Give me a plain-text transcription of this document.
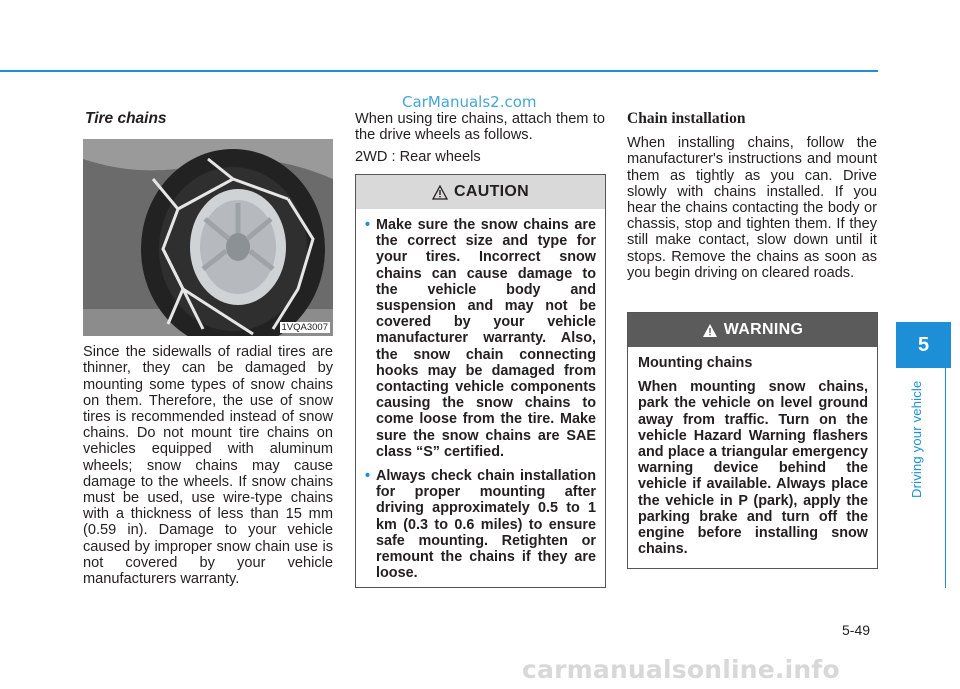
CarManuals2.com
Tire chains
1VQA3007

Since the sidewalls of radial tires are thinner, they can be damaged by mounting some types of snow chains on them. Therefore, the use of snow tires is recommended instead of snow chains. Do not mount tire chains on vehicles equipped with aluminum wheels; snow chains may cause damage to the wheels. If snow chains must be used, use wire-type chains with a thickness of less than 15 mm (0.59 in). Damage to your vehicle caused by improper snow chain use is not covered by your vehicle manufacturers warranty.

When using tire chains, attach them to the drive wheels as follows.

2WD : Rear wheels

CAUTION
• Make sure the snow chains are the correct size and type for your tires. Incorrect snow chains can cause damage to the vehicle body and suspension and may not be covered by your vehicle manufacturer warranty. Also, the snow chain connecting hooks may be damaged from contacting vehicle components causing the snow chains to come loose from the tire. Make sure the snow chains are SAE class “S” certified.
• Always check chain installation for proper mounting after driving approximately 0.5 to 1 km (0.3 to 0.6 miles) to ensure safe mounting. Retighten or remount the chains if they are loose.
Chain installation

When installing chains, follow the manufacturer's instructions and mount them as tightly as you can. Drive slowly with chains installed. If you hear the chains contacting the body or chassis, stop and tighten them. If they still make contact, slow down until it stops. Remove the chains as soon as you begin driving on cleared roads.

WARNING

Mounting chains

When mounting snow chains, park the vehicle on level ground away from traffic. Turn on the vehicle Hazard Warning flashers and place a triangular emergency warning device behind the vehicle if available. Always place the vehicle in P (park), apply the parking brake and turn off the engine before installing snow chains.

5
Driving your vehicle
5-49
carmanualsonline.info
